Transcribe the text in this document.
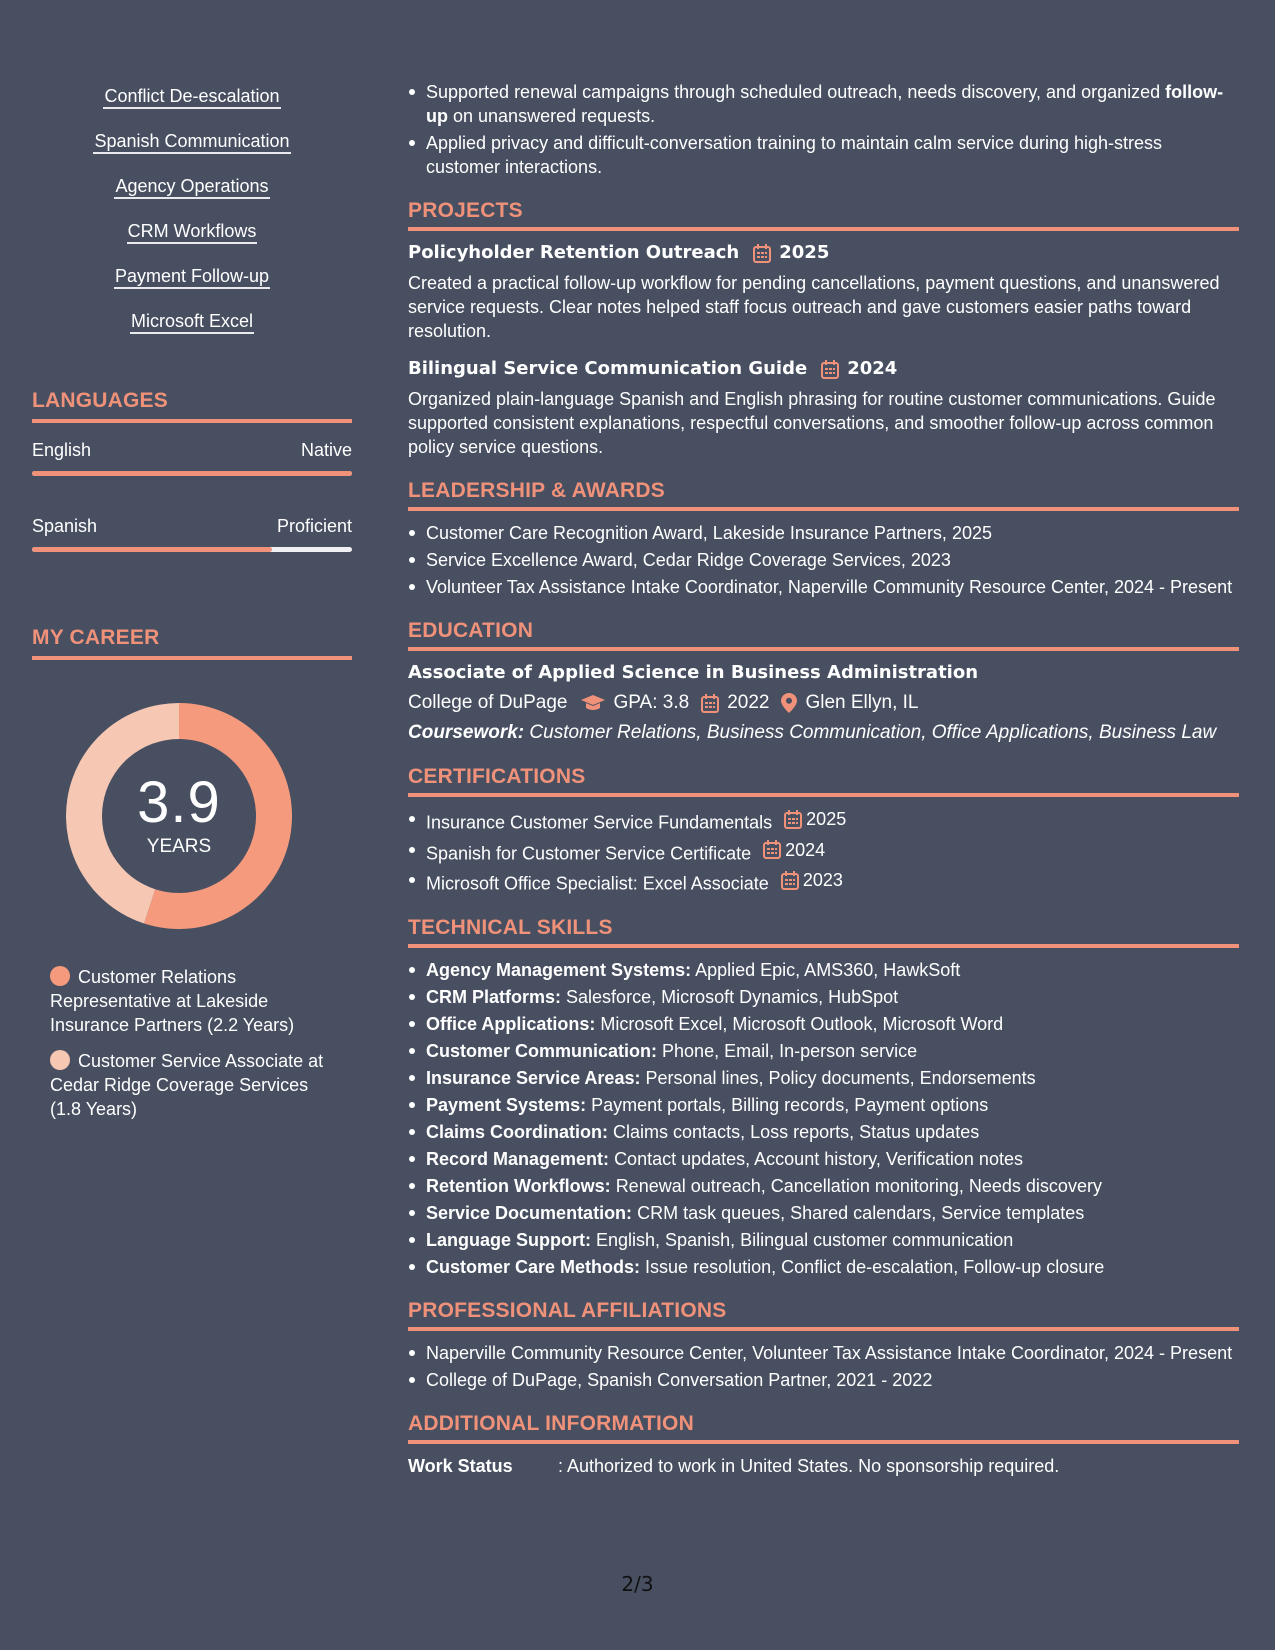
Conflict De-escalation
Spanish Communication
Agency Operations
CRM Workflows
Payment Follow-up
Microsoft Excel
LANGUAGES
English	Native
Spanish	Proficient
MY CAREER
3.9
YEARS
Customer Relations Representative at Lakeside Insurance Partners (2.2 Years)
Customer Service Associate at Cedar Ridge Coverage Services (1.8 Years)
Supported renewal campaigns through scheduled outreach, needs discovery, and organized follow-up on unanswered requests.
Applied privacy and difficult-conversation training to maintain calm service during high-stress customer interactions.
PROJECTS
Policyholder Retention Outreach 2025
Created a practical follow-up workflow for pending cancellations, payment questions, and unanswered service requests. Clear notes helped staff focus outreach and gave customers easier paths toward resolution.
Bilingual Service Communication Guide 2024
Organized plain-language Spanish and English phrasing for routine customer communications. Guide supported consistent explanations, respectful conversations, and smoother follow-up across common policy service questions.
LEADERSHIP & AWARDS
Customer Care Recognition Award, Lakeside Insurance Partners, 2025
Service Excellence Award, Cedar Ridge Coverage Services, 2023
Volunteer Tax Assistance Intake Coordinator, Naperville Community Resource Center, 2024 - Present
EDUCATION
Associate of Applied Science in Business Administration
College of DuPage GPA: 3.8 2022 Glen Ellyn, IL
Coursework: Customer Relations, Business Communication, Office Applications, Business Law
CERTIFICATIONS
Insurance Customer Service Fundamentals 2025
Spanish for Customer Service Certificate 2024
Microsoft Office Specialist: Excel Associate 2023
TECHNICAL SKILLS
Agency Management Systems: Applied Epic, AMS360, HawkSoft
CRM Platforms: Salesforce, Microsoft Dynamics, HubSpot
Office Applications: Microsoft Excel, Microsoft Outlook, Microsoft Word
Customer Communication: Phone, Email, In-person service
Insurance Service Areas: Personal lines, Policy documents, Endorsements
Payment Systems: Payment portals, Billing records, Payment options
Claims Coordination: Claims contacts, Loss reports, Status updates
Record Management: Contact updates, Account history, Verification notes
Retention Workflows: Renewal outreach, Cancellation monitoring, Needs discovery
Service Documentation: CRM task queues, Shared calendars, Service templates
Language Support: English, Spanish, Bilingual customer communication
Customer Care Methods: Issue resolution, Conflict de-escalation, Follow-up closure
PROFESSIONAL AFFILIATIONS
Naperville Community Resource Center, Volunteer Tax Assistance Intake Coordinator, 2024 - Present
College of DuPage, Spanish Conversation Partner, 2021 - 2022
ADDITIONAL INFORMATION
Work Status	: Authorized to work in United States. No sponsorship required.
2/3
